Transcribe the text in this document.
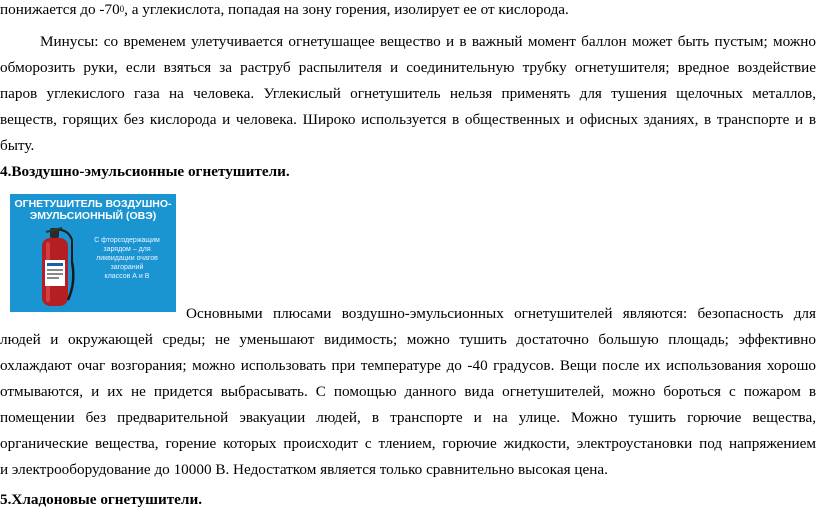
понижается до $-70^0$, а углекислота, попадая на зону горения, изолирует ее от кислорода.
Минусы: со временем улетучивается огнетушащее вещество и в важный момент баллон может быть пустым; можно
обморозить руки, если взяться за раструб распылителя и соединительную трубку огнетушителя; вредное воздействие
паров углекислого газа на человека. Углекислый огнетушитель нельзя применять для тушения щелочных металлов,
веществ, горящих без кислорода и человека. Широко используется в общественных и офисных зданиях, в транспорте и в
быту.
4.Воздушно-эмульсионные огнетушители.
ОГНЕТУШИТЕЛЬ ВОЗДУШНО-
ЭМУЛЬСИОННЫЙ (ОВЭ)
С фторсодержащим
зарядом – для
ликвидации очагов
загораний
классов А и В
Основными плюсами воздушно-эмульсионных огнетушителей являются: безопасность для
людей и окружающей среды; не уменьшают видимость; можно тушить достаточно большую площадь; эффективно
охлаждают очаг возгорания; можно использовать при температуре до -40 градусов. Вещи после их использования хорошо
отмываются, и их не придется выбрасывать. С помощью данного вида огнетушителей, можно бороться с пожаром в
помещении без предварительной эвакуации людей, в транспорте и на улице. Можно тушить горючие вещества,
органические вещества, горение которых происходит с тлением, горючие жидкости, электроустановки под напряжением
и электрооборудование до 10000 В. Недостатком является только сравнительно высокая цена.
5.Хладоновые огнетушители.
